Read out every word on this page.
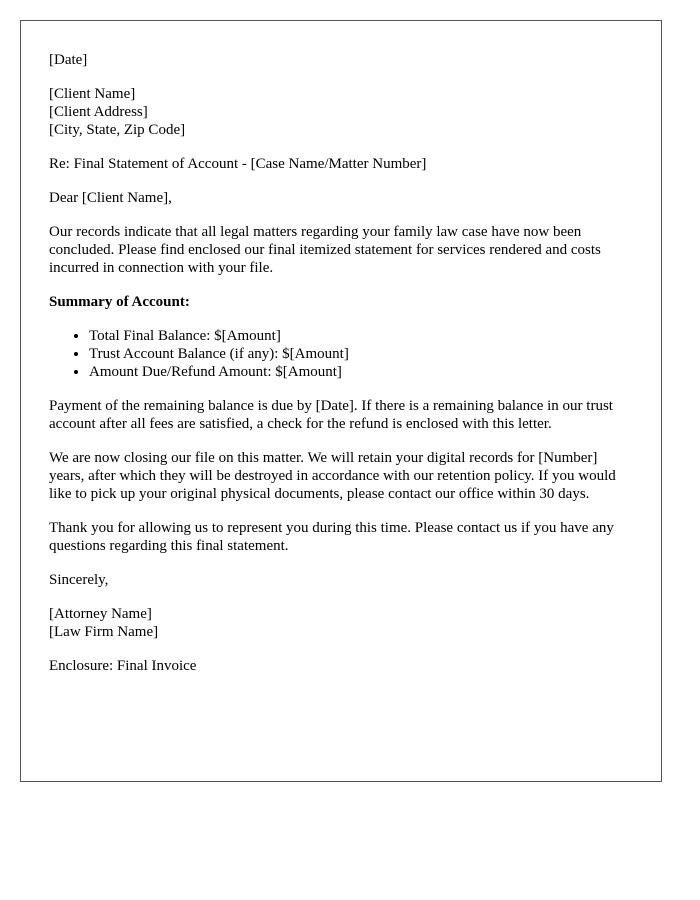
[Date]

[Client Name]
[Client Address]
[City, State, Zip Code]

Re: Final Statement of Account - [Case Name/Matter Number]

Dear [Client Name],

Our records indicate that all legal matters regarding your family law case have now been concluded. Please find enclosed our final itemized statement for services rendered and costs incurred in connection with your file.

Summary of Account:

• Total Final Balance: $[Amount]
• Trust Account Balance (if any): $[Amount]
• Amount Due/Refund Amount: $[Amount]

Payment of the remaining balance is due by [Date]. If there is a remaining balance in our trust account after all fees are satisfied, a check for the refund is enclosed with this letter.

We are now closing our file on this matter. We will retain your digital records for [Number] years, after which they will be destroyed in accordance with our retention policy. If you would like to pick up your original physical documents, please contact our office within 30 days.

Thank you for allowing us to represent you during this time. Please contact us if you have any questions regarding this final statement.

Sincerely,

[Attorney Name]
[Law Firm Name]

Enclosure: Final Invoice
